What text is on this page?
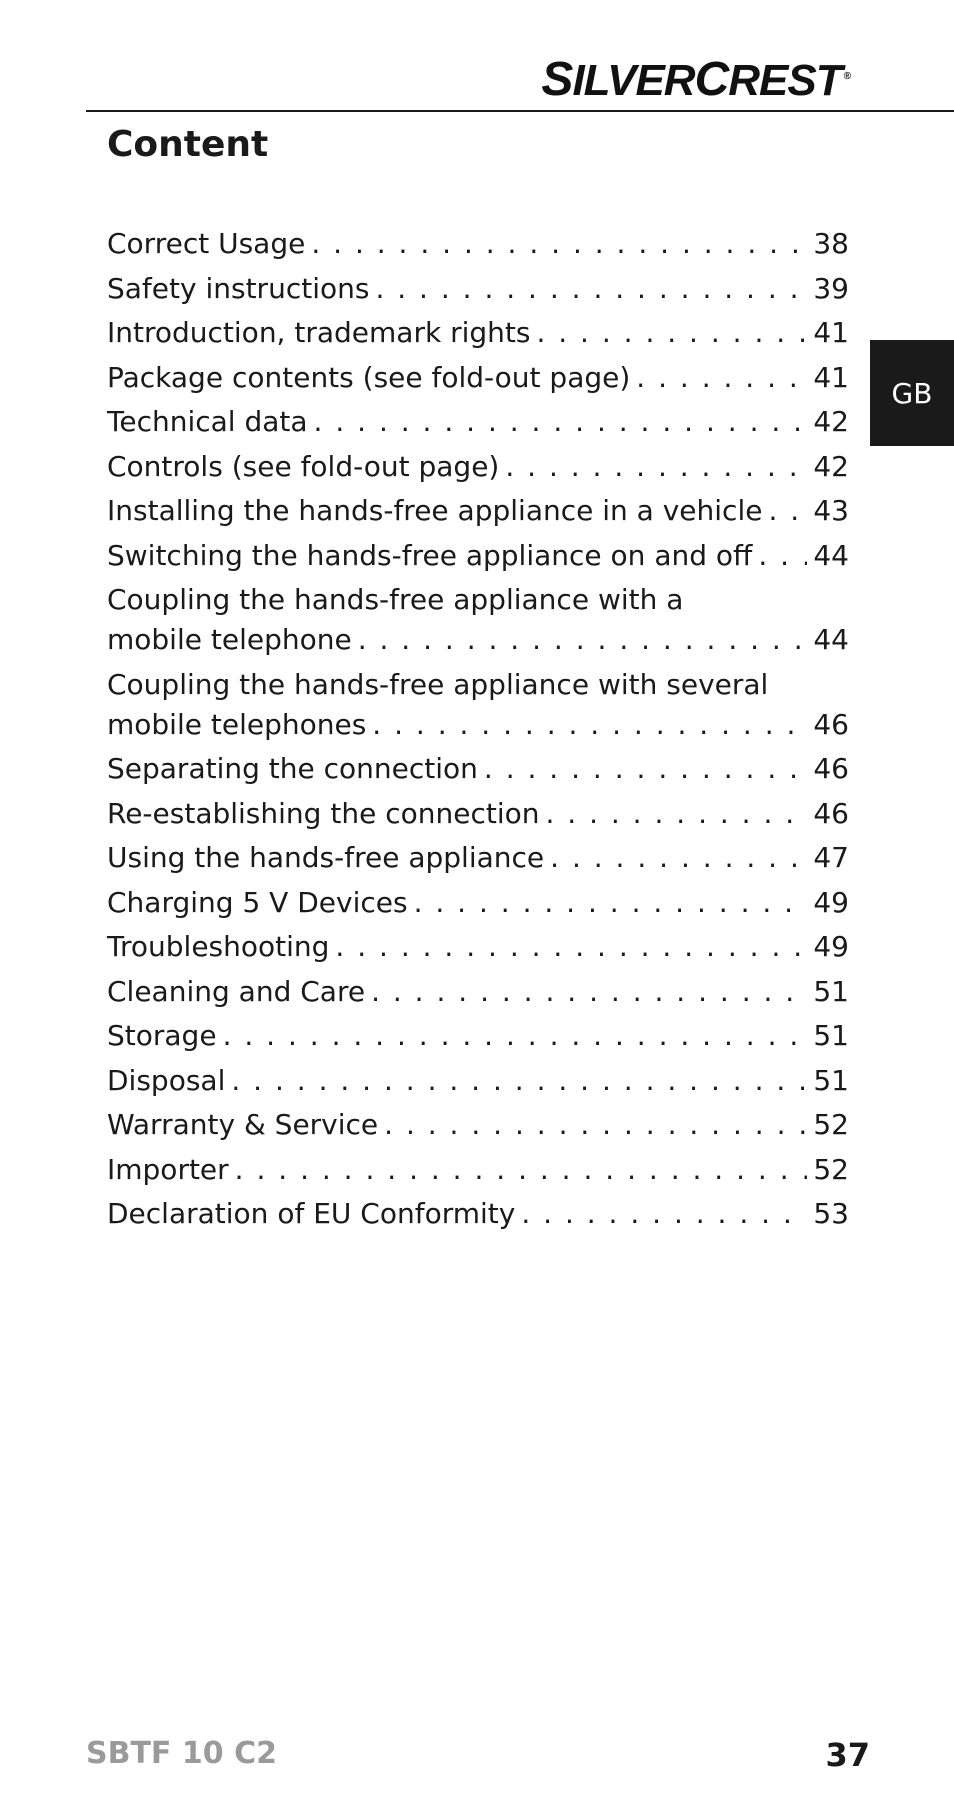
SILVERCREST ®
Content
Correct Usage . . .	38
Safety instructions . . .	39
Introduction, trademark rights . . .	41
Package contents (see fold-out page) . . .	41
Technical data . . .	42
Controls (see fold-out page) . . .	42
Installing the hands-free appliance in a vehicle . . . 43
Switching the hands-free appliance on and off . . . 44
Coupling the hands-free appliance with a
mobile telephone . . .	44
Coupling the hands-free appliance with several
mobile telephones . . .	46
Separating the connection . . .	46
Re-establishing the connection . . .	46
Using the hands-free appliance . . .	47
Charging 5 V Devices . . .	49
Troubleshooting . . .	49
Cleaning and Care . . .	51
Storage . . .	51
Disposal . . .	51
Warranty & Service . . .	52
Importer . . .	52
Declaration of EU Conformity . . .	53
GB
SBTF 10 C2	37
